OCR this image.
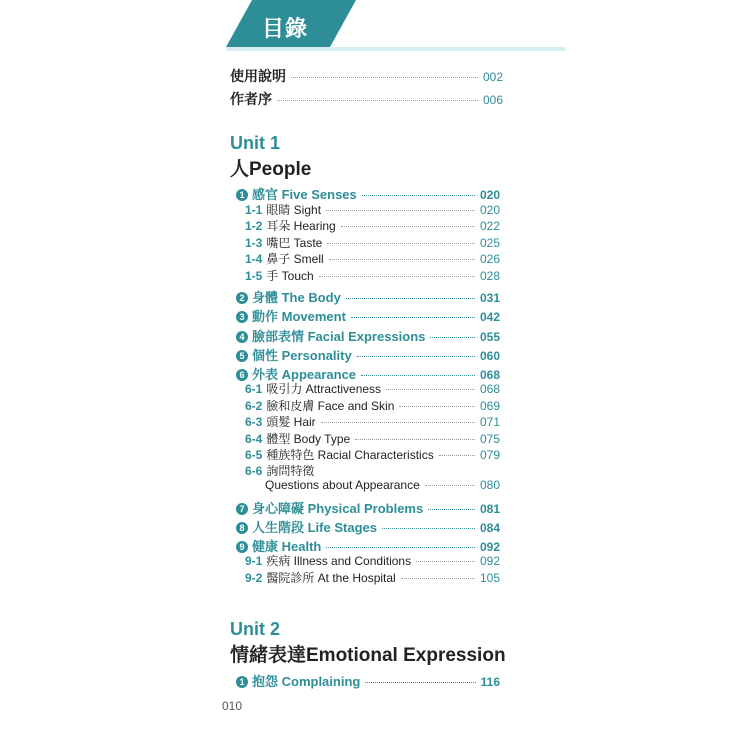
目錄
使用說明	002
作者序	006
Unit 1
人People
1 感官 Five Senses	020
1-1 眼睛 Sight	020
1-2 耳朵 Hearing	022
1-3 嘴巴 Taste	025
1-4 鼻子 Smell	026
1-5 手 Touch	028
2 身體 The Body	031
3 動作 Movement	042
4 臉部表情 Facial Expressions	055
5 個性 Personality	060
6 外表 Appearance	068
6-1 吸引力 Attractiveness	068
6-2 臉和皮膚 Face and Skin	069
6-3 頭髮 Hair	071
6-4 體型 Body Type	075
6-5 種族特色 Racial Characteristics	079
6-6 詢問特徵
Questions about Appearance	080
7 身心障礙 Physical Problems	081
8 人生階段 Life Stages	084
9 健康 Health	092
9-1 疾病 Illness and Conditions	092
9-2 醫院診所 At the Hospital	105
Unit 2
情緒表達Emotional Expression
1 抱怨 Complaining	116
010
